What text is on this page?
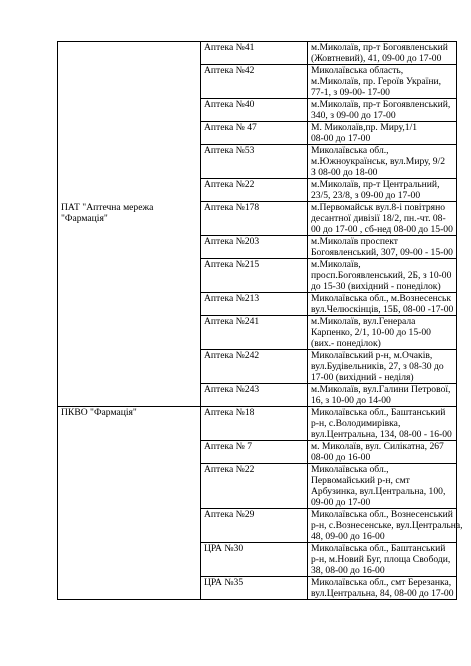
ПАТ "Аптечна мережа "Фармація"	Аптека №41	м.Миколаїв, пр-т Богоявленський
(Жовтневий), 41, 09-00 до 17-00

	Аптека №42	Миколаївська область,
м.Миколаїв, пр. Героїв України,
77-1, з 09-00- 17-00

	Аптека №40	м.Миколаїв, пр-т Богоявленський,
340, з 09-00 до 17-00

	Аптека № 47	М. Миколаїв,пр. Миру,1/1
08-00 до 17-00

	Аптека №53	Миколаївська обл.,
м.Южноукраїнськ, вул.Миру, 9/2
З 08-00 до 18-00

	Аптека №22	м.Миколаїв, пр-т Центральний,
23/5, 23/8, з 09-00 до 17-00

	Аптека №178	м.Первомайськ вул.8-і повітряно
десантної дивізії 18/2, пн.-чт. 08-
00 до 17-00 , сб-нед 08-00 до 15-00

	Аптека №203	м.Миколаїв проспект
Богоявленський, 307, 09-00 - 15-00

	Аптека №215	м.Миколаїв,
просп.Богоявленський, 2Б, з 10-00
до 15-30 (вихідний - понеділок)

	Аптека №213	Миколаївська обл., м.Вознесенськ
вул.Челюскінців, 15Б, 08-00 -17-00

	Аптека №241	м.Миколаїв, вул.Генерала
Карпенко, 2/1, 10-00 до 15-00
(вих.- понеділок)

	Аптека №242	Миколаївський р-н, м.Очаків,
вул.Будівельників, 27, з 08-30 до
17-00 (вихідний - неділя)

	Аптека №243	м.Миколаїв, вул.Галини Петрової,
16, з 10-00 до 14-00

ПКВО "Фармація"	Аптека №18	Миколаївська обл., Баштанський
р-н, с.Володимирівка,
вул.Центральна, 134, 08-00 - 16-00

	Аптека № 7	м. Миколаїв, вул. Силікатна, 267
08-00 до 16-00

	Аптека №22	Миколаївська обл.,
Первомайський р-н, смт
Арбузинка, вул.Центральна, 100,
09-00 до 17-00

	Аптека №29	Миколаївська обл., Вознесенський
р-н, с.Вознесенське, вул.Центральна,
48, 09-00 до 16-00

	ЦРА №30	Миколаївська обл., Баштанський
р-н, м.Новий Буг, площа Свободи,
38, 08-00 до 16-00

	ЦРА №35	Миколаївська обл., смт Березанка,
вул.Центральна, 84, 08-00 до 17-00
